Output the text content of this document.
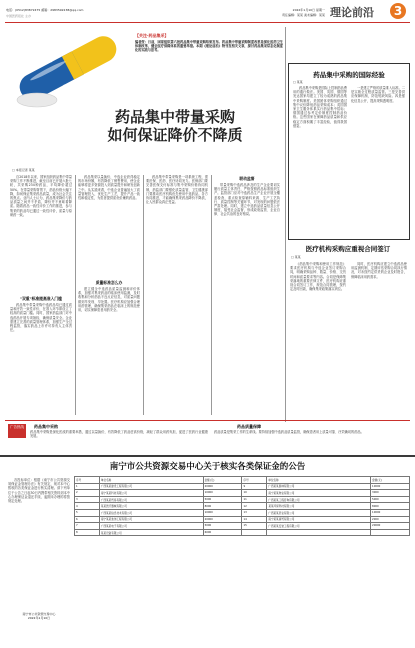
电话：(0512)83872475 邮箱：2983592238@qq.com
中国医药报社 主办
2022年1月10日 星期一
责任编辑：某某 美术编辑：某某 理论前沿	3
【关注·药品集采】
编者按：日前，国家组织第六批药品集中带量采购结果发布。药品集中带量采购制度改革是深化医药卫生体制改革、健全医疗保障体系的重要举措。本期《理论前沿》特刊发相关文章，探讨药品集采常态化制度化的实践与思考。
药品集中带量采购
如何保证降价不降质
□ 本报记者 某某

自2018年以来，国家组织药品集中带量采购工作不断推进，截至目前已开展六批七轮，共采购234种药品，平均降价超过50%。在带量采购背景下，药品价格大幅下降，如何保证集采药品质量，成为社会关注的焦点。业内人士认为，药品集采降价与药品质量之间并不矛盾，降价并不意味着降质。随着药品一致性评价工作的推进，参与集采的药品均已通过一致性评价，质量与原研药一致。

"双重"标准提高准入门槛

药品集中带量采购中选药品均已通过质量和疗效一致性评价，在准入环节即设立了较高的质量门槛。同时，国家药监部门对中选药品开展专项抽检，确保质量安全。企业需建立完善的质量管理体系，加强生产全过程监管，落实药品上市许可持有人主体责任。

药品集采以量换价，中选企业获得稳定的市场份额，有效降低了销售费用，使企业能够将更多资源投入到质量提升和研发创新之中。从实践来看，中选企业普遍加大了质量管理投入，优化生产工艺，提升产品一致性和稳定性，为患者提供质优价廉的药品。

质量标准怎么办

建立健全中选药品质量监测和评价体系，加强对集采药品的临床使用监测，及时收集和分析药品不良反应信息，对质量问题做到早发现、早处置。医疗机构应加强合理用药管理，确保集采药品在临床上的规范使用，切实保障患者用药安全。

药品集中带量采购是一项系统工程，需要医保、医药、医疗协同发力。医保部门要完善医保支付标准与集中采购价格协同机制，药监部门要强化质量监管，卫生健康部门要推动医疗机构优先使用中选药品。各方协同推进，才能确保集采药品降价不降质，让人民群众真正受益。

联动监督

带量采购中选药品涉及的生产企业要切实履行质量主体责任，严格按照药品标准组织生产。监管部门应对中选药品生产企业开展全覆盖检查，重点检查原辅料来源、生产工艺执行、质量控制等关键环节，对发现的问题依法严肃处理。同时，建立中选药品质量信息公开制度，接受社会监督，形成政府监管、企业自律、社会共治的良好格局。

药品集中采购的国际经验
□ 某某

药品集中采购是国际上控制药品费用的通行做法。美国、英国、德国等发达国家均建立了较为成熟的药品集中采购制度。美国团体采购组织通过集中议价降低药品采购成本；英国国家卫生服务体系实行药品集中招标；德国通过参考定价制度控制药品价格。这些国家在保障药品质量和供应稳定方面积累了丰富经验，值得我国借鉴。

一是建立严格的质量准入标准。二是实施全过程质量监管。三是完善供应保障机制，防范短缺风险。四是强化信息公开，提高采购透明度。

医疗机构采购应重视合同签订
□ 某某

《药品集中采购和使用工作规范》要求医疗机构与中选企业签订采购合同，明确采购品种、数量、价格、交货时间和质量要求等内容。合同是保障集采落地的重要法律文件，医疗机构应重视合同签订工作，规范合同管理，按约定及时回款，确保集采政策落实到位。

同时，医疗机构应建立中选药品使用监测机制，定期评估采购合同执行情况，对未按约定供货的企业及时报告，保障临床用药需求。

广告热线	药品集中采购
药品集中采购是深化医改的重要举措，通过以量换价，有效降低了药品虚高价格，减轻了群众用药负担，促进了医药行业健康发展。
药品质量保障
药品质量是集采工作的生命线。要持续加强中选药品质量监管，确保患者用上质量可靠、疗效确切的药品。
南宁市公共资源交易中心关于核实各类保证金的公告

各投标单位：根据《南宁市公共资源交易保证金管理办法》有关规定，现对本中心暂收的各类保证金进行核实清理。请下列单位于公告之日起30日内携带相关资料到本中心办理保证金退还手续，逾期未办理的将按规定处理。

南宁市公共资源交易中心
2022年1月10日
序号	单位名称	金额(元)	序号	单位名称	金额(元)
1	广西某某建设工程有限公司	20000	9	广西某某园林有限公司	10000
2	南宁某某科技有限公司	10000	10	南宁某某物业有限公司	3000
3	广西某某贸易有限公司	5000	11	广西某某工程咨询有限公司	5000
4	某某医疗器械有限公司	8000	12	某某环保科技有限公司	8000
5	广西某某信息技术有限公司	10000	13	广西某某药业有限公司	10000
6	南宁某某装饰工程有限公司	20000	14	南宁某某商贸有限公司	2000
7	广西某某电子有限公司	5000	15	广西某某安装工程有限公司	20000
8	某某设备有限公司	6000			
